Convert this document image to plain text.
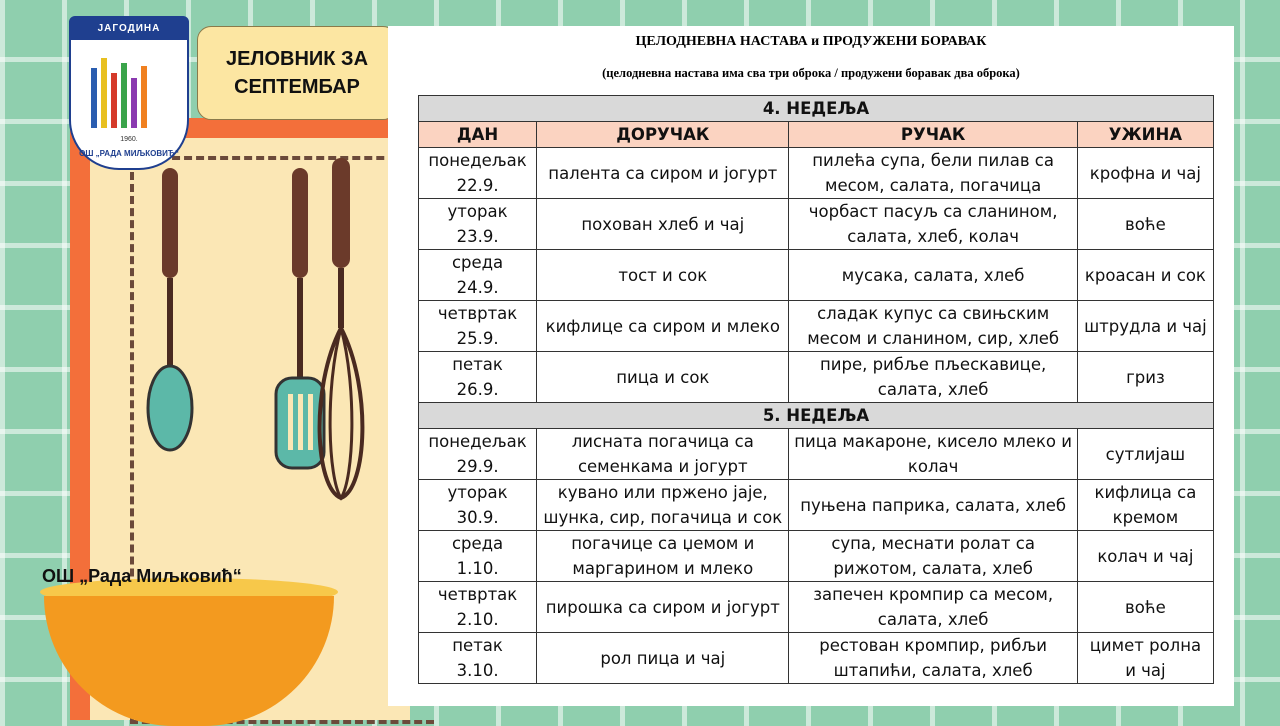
ЈАГОДИНА
1960.
ОШ „РАДА МИЉКОВИЋ“
ЈЕЛОВНИК ЗА
СЕПТЕМБАР
ОШ „Рада Миљковић“
ЦЕЛОДНЕВНА НАСТАВА и ПРОДУЖЕНИ БОРАВАК
(целодневна настава има сва три оброка / продужени боравак два оброка)
4. НЕДЕЉА			
ДАН	ДОРУЧАК	РУЧАК	УЖИНА

понедељак
22.9.	палента са сиром и јогурт	пилећа супа, бели пилав са месом, салата, погачица	крофна и чај

уторак
23.9.	похован хлеб и чај	чорбаст пасуљ са сланином, салата, хлеб, колач	воће

среда
24.9.	тост и сок	мусака, салата, хлеб	кроасан и сок

четвртак
25.9.	кифлице са сиром и млеко	сладак купус са свињским месом и сланином, сир, хлеб	штрудла и чај

петак
26.9.	пица и сок	пире, рибље пљескавице, салата, хлеб	гриз
5. НЕДЕЉА			

понедељак
29.9.	лисната погачица са семенкама и јогурт	пица макароне, кисело млеко и колач	сутлијаш

уторак
30.9.	кувано или пржено јаје, шунка, сир, погачица и сок	пуњена паприка, салата, хлеб	кифлица са кремом

среда
1.10.	погачице са џемом и маргарином и млеко	супа, меснати ролат са рижотом, салата, хлеб	колач и чај

четвртак
2.10.	пирошка са сиром и јогурт	запечен кромпир са месом, салата, хлеб	воће

петак
3.10.	рол пица и чај	рестован кромпир, рибљи штапићи, салата, хлеб	цимет ролна и чај
